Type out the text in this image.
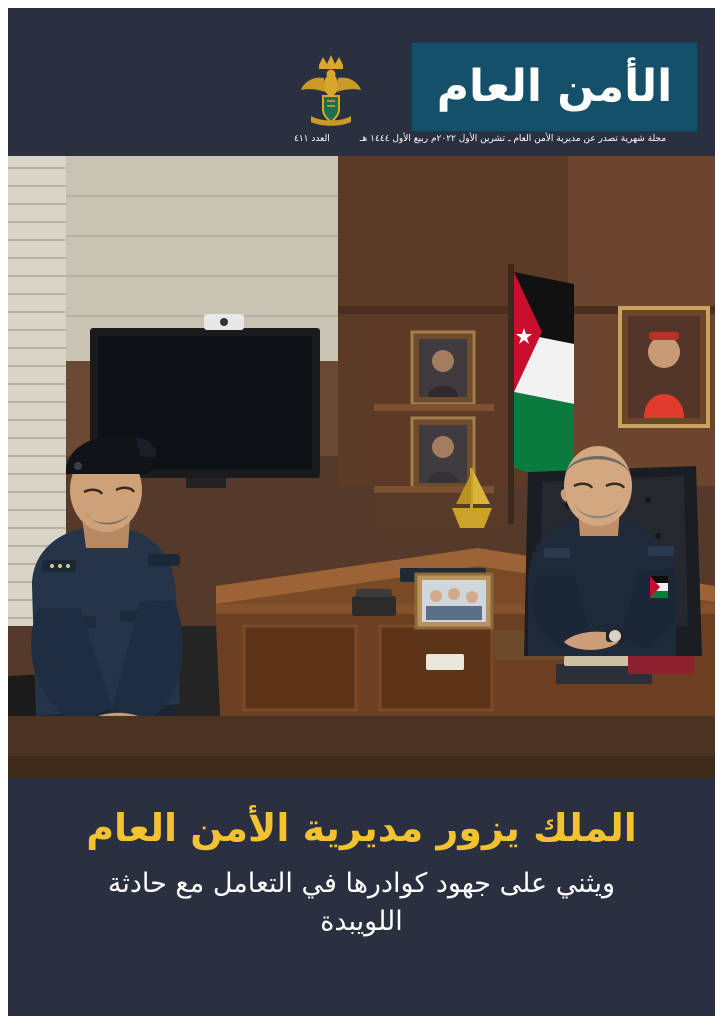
الأمن العام
مجلة شهرية تصدر عن مديرية الأمن العام ـ تشرين الأول ٢٠٢٢م ربيع الأول ١٤٤٤ هـ
العدد ٤١١
الملك يزور مديرية الأمن العام
ويثني على جهود كوادرها في التعامل مع حادثة اللويبدة
